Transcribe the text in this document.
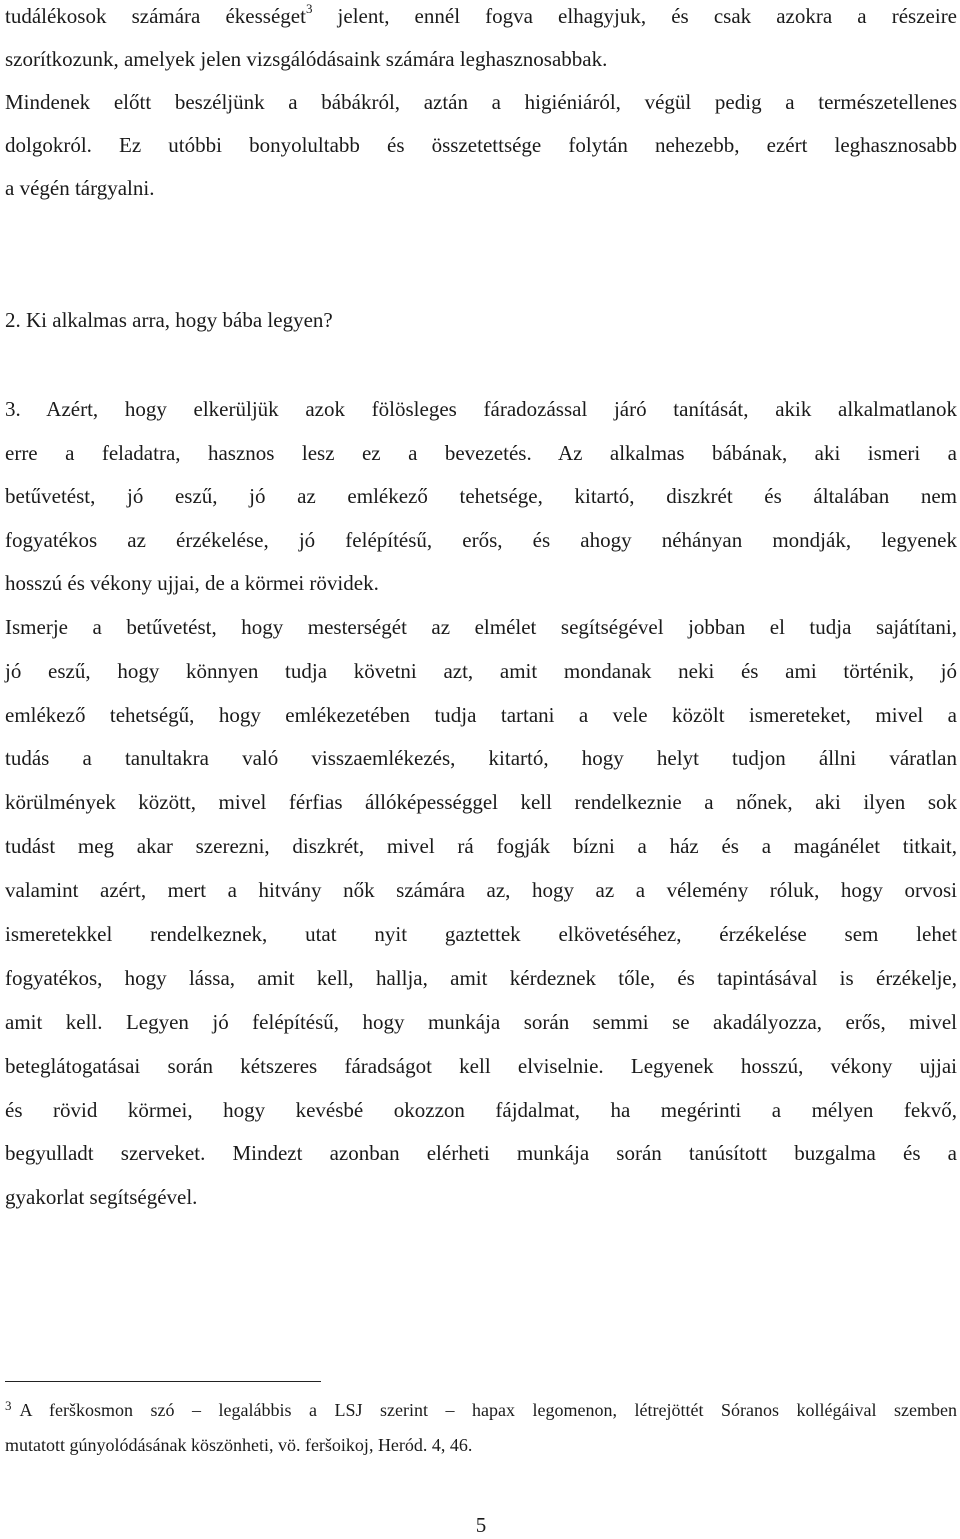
tudálékosok számára ékességet$^3$ jelent, ennél fogva elhagyjuk, és csak azokra a részeire
szorítkozunk, amelyek jelen vizsgálódásaink számára leghasznosabbak.
Mindenek előtt beszéljünk a bábákról, aztán a higiéniáról, végül pedig a természetellenes
dolgokról. Ez utóbbi bonyolultabb és összetettsége folytán nehezebb, ezért leghasznosabb
a végén tárgyalni.
2. Ki alkalmas arra, hogy bába legyen?
3. Azért, hogy elkerüljük azok fölösleges fáradozással járó tanítását, akik alkalmatlanok
erre a feladatra, hasznos lesz ez a bevezetés. Az alkalmas bábának, aki ismeri a
betűvetést, jó eszű, jó az emlékező tehetsége, kitartó, diszkrét és általában nem
fogyatékos az érzékelése, jó felépítésű, erős, és ahogy néhányan mondják, legyenek
hosszú és vékony ujjai, de a körmei rövidek.
Ismerje a betűvetést, hogy mesterségét az elmélet segítségével jobban el tudja sajátítani,
jó eszű, hogy könnyen tudja követni azt, amit mondanak neki és ami történik, jó
emlékező tehetségű, hogy emlékezetében tudja tartani a vele közölt ismereteket, mivel a
tudás a tanultakra való visszaemlékezés, kitartó, hogy helyt tudjon állni váratlan
körülmények között, mivel férfias állóképességgel kell rendelkeznie a nőnek, aki ilyen sok
tudást meg akar szerezni, diszkrét, mivel rá fogják bízni a ház és a magánélet titkait,
valamint azért, mert a hitvány nők számára az, hogy az a vélemény róluk, hogy orvosi
ismeretekkel rendelkeznek, utat nyit gaztettek elkövetéséhez, érzékelése sem lehet
fogyatékos, hogy lássa, amit kell, hallja, amit kérdeznek tőle, és tapintásával is érzékelje,
amit kell. Legyen jó felépítésű, hogy munkája során semmi se akadályozza, erős, mivel
beteglátogatásai során kétszeres fáradságot kell elviselnie. Legyenek hosszú, vékony ujjai
és rövid körmei, hogy kevésbé okozzon fájdalmat, ha megérinti a mélyen fekvő,
begyulladt szerveket. Mindezt azonban elérheti munkája során tanúsított buzgalma és a
gyakorlat segítségével.
$^3$ A ferškosmon szó – legalábbis a LSJ szerint – hapax legomenon, létrejöttét Sóranos kollégáival szemben
mutatott gúnyolódásának köszönheti, vö. feršoikoj, Heród. 4, 46.
5
